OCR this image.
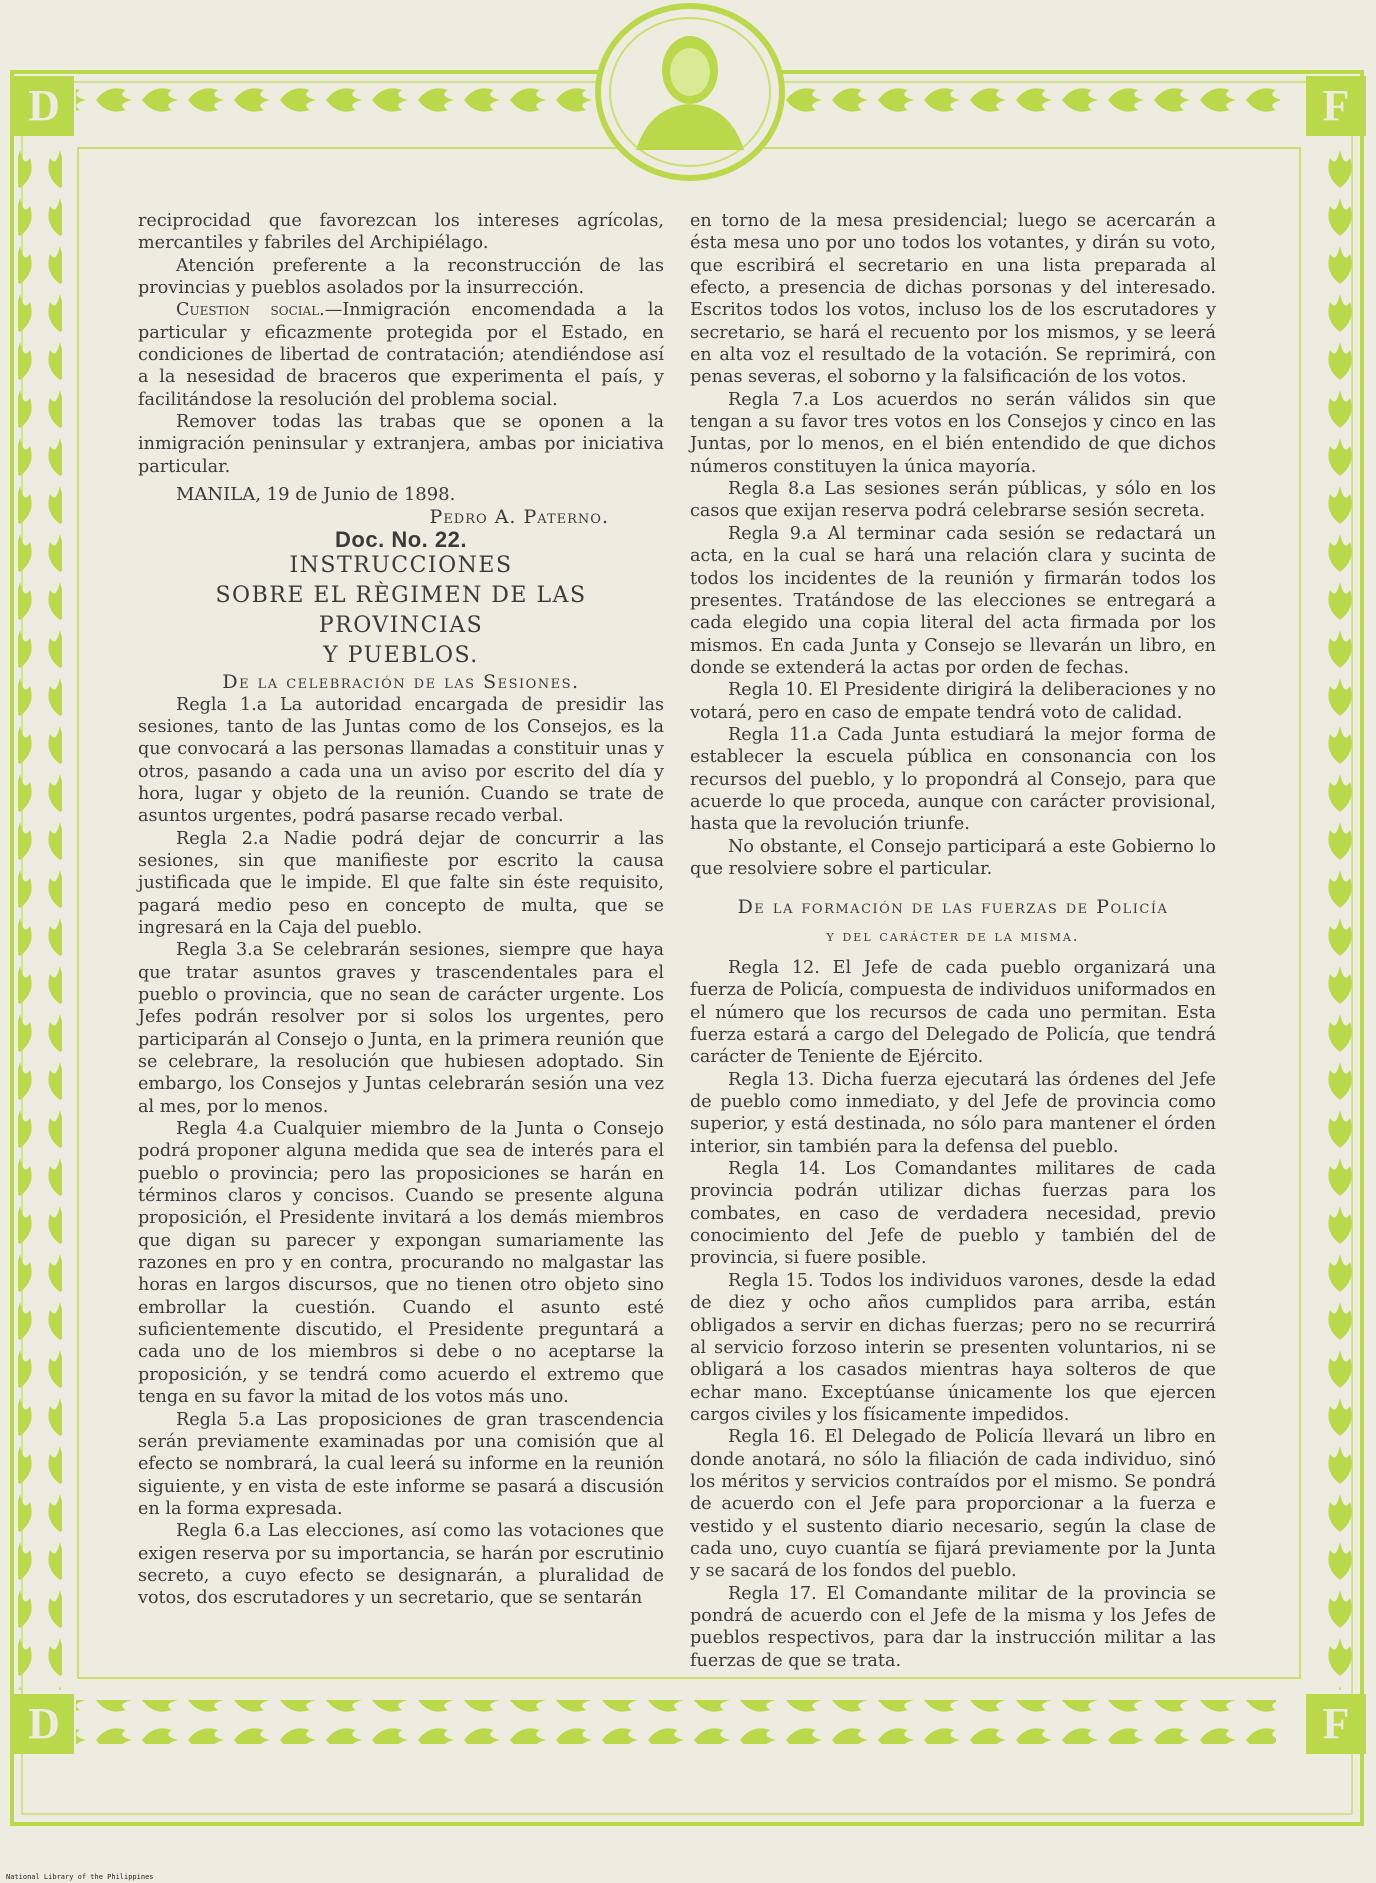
D	F
D	F

reciprocidad que favorezcan los intereses agrícolas, mercantiles y fabriles del Archipiélago.

Atención preferente a la reconstrucción de las provincias y pueblos asolados por la insurrección.

Cuestion social.—Inmigración encomendada a la particular y eficazmente protegida por el Estado, en condiciones de libertad de contratación; atendiéndose así a la nesesidad de braceros que experimenta el país, y facilitándose la resolución del problema social.

Remover todas las trabas que se oponen a la inmigración peninsular y extranjera, ambas por iniciativa particular.

MANILA, 19 de Junio de 1898.

Pedro A. Paterno.

Doc. No. 22.

INSTRUCCIONES

SOBRE EL RÈGIMEN DE LAS PROVINCIAS

Y PUEBLOS.

De la celebración de las Sesiones.

Regla 1.a La autoridad encargada de presidir las sesiones, tanto de las Juntas como de los Consejos, es la que convocará a las personas llamadas a constituir unas y otros, pasando a cada una un aviso por escrito del día y hora, lugar y objeto de la reunión. Cuando se trate de asuntos urgentes, podrá pasarse recado verbal.

Regla 2.a Nadie podrá dejar de concurrir a las sesiones, sin que manifieste por escrito la causa justificada que le impide. El que falte sin éste requisito, pagará medio peso en concepto de multa, que se ingresará en la Caja del pueblo.

Regla 3.a Se celebrarán sesiones, siempre que haya que tratar asuntos graves y trascendentales para el pueblo o provincia, que no sean de carácter urgente. Los Jefes podrán resolver por si solos los urgentes, pero participarán al Consejo o Junta, en la primera reunión que se celebrare, la resolución que hubiesen adoptado. Sin embargo, los Consejos y Juntas celebrarán sesión una vez al mes, por lo menos.

Regla 4.a Cualquier miembro de la Junta o Consejo podrá proponer alguna medida que sea de interés para el pueblo o provincia; pero las proposiciones se harán en términos claros y concisos. Cuando se presente alguna proposición, el Presidente invitará a los demás miembros que digan su parecer y expongan sumariamente las razones en pro y en contra, procurando no malgastar las horas en largos discursos, que no tienen otro objeto sino embrollar la cuestión. Cuando el asunto esté suficientemente discutido, el Presidente preguntará a cada uno de los miembros si debe o no aceptarse la proposición, y se tendrá como acuerdo el extremo que tenga en su favor la mitad de los votos más uno.

Regla 5.a Las proposiciones de gran trascendencia serán previamente examinadas por una comisión que al efecto se nombrará, la cual leerá su informe en la reunión siguiente, y en vista de este informe se pasará a discusión en la forma expresada.

Regla 6.a Las elecciones, así como las votaciones que exigen reserva por su importancia, se harán por escrutinio secreto, a cuyo efecto se designarán, a pluralidad de votos, dos escrutadores y un secretario, que se sentarán

en torno de la mesa presidencial; luego se acercarán a ésta mesa uno por uno todos los votantes, y dirán su voto, que escribirá el secretario en una lista preparada al efecto, a presencia de dichas porsonas y del interesado. Escritos todos los votos, incluso los de los escrutadores y secretario, se hará el recuento por los mismos, y se leerá en alta voz el resultado de la votación. Se reprimirá, con penas severas, el soborno y la falsificación de los votos.

Regla 7.a Los acuerdos no serán válidos sin que tengan a su favor tres votos en los Consejos y cinco en las Juntas, por lo menos, en el bién entendido de que dichos números constituyen la única mayoría.

Regla 8.a Las sesiones serán públicas, y sólo en los casos que exijan reserva podrá celebrarse sesión secreta.

Regla 9.a Al terminar cada sesión se redactará un acta, en la cual se hará una relación clara y sucinta de todos los incidentes de la reunión y firmarán todos los presentes. Tratándose de las elecciones se entregará a cada elegido una copia literal del acta firmada por los mismos. En cada Junta y Consejo se llevarán un libro, en donde se extenderá la actas por orden de fechas.

Regla 10. El Presidente dirigirá la deliberaciones y no votará, pero en caso de empate tendrá voto de calidad.

Regla 11.a Cada Junta estudiará la mejor forma de establecer la escuela pública en consonancia con los recursos del pueblo, y lo propondrá al Consejo, para que acuerde lo que proceda, aunque con carácter provisional, hasta que la revolución triunfe.

No obstante, el Consejo participará a este Gobierno lo que resolviere sobre el particular.

De la formación de las fuerzas de Policía

y del carácter de la misma.

Regla 12. El Jefe de cada pueblo organizará una fuerza de Policía, compuesta de individuos uniformados en el número que los recursos de cada uno permitan. Esta fuerza estará a cargo del Delegado de Policía, que tendrá carácter de Teniente de Ejército.

Regla 13. Dicha fuerza ejecutará las órdenes del Jefe de pueblo como inmediato, y del Jefe de provincia como superior, y está destinada, no sólo para mantener el órden interior, sin también para la defensa del pueblo.

Regla 14. Los Comandantes militares de cada provincia podrán utilizar dichas fuerzas para los combates, en caso de verdadera necesidad, previo conocimiento del Jefe de pueblo y también del de provincia, si fuere posible.

Regla 15. Todos los individuos varones, desde la edad de diez y ocho años cumplidos para arriba, están obligados a servir en dichas fuerzas; pero no se recurrirá al servicio forzoso interin se presenten voluntarios, ni se obligará a los casados mientras haya solteros de que echar mano. Exceptúanse únicamente los que ejercen cargos civiles y los físicamente impedidos.

Regla 16. El Delegado de Policía llevará un libro en donde anotará, no sólo la filiación de cada individuo, sinó los méritos y servicios contraídos por el mismo. Se pondrá de acuerdo con el Jefe para proporcionar a la fuerza e vestido y el sustento diario necesario, según la clase de cada uno, cuyo cuantía se fijará previamente por la Junta y se sacará de los fondos del pueblo.

Regla 17. El Comandante militar de la provincia se pondrá de acuerdo con el Jefe de la misma y los Jefes de pueblos respectivos, para dar la instrucción militar a las fuerzas de que se trata.

National Library of the Philippines
